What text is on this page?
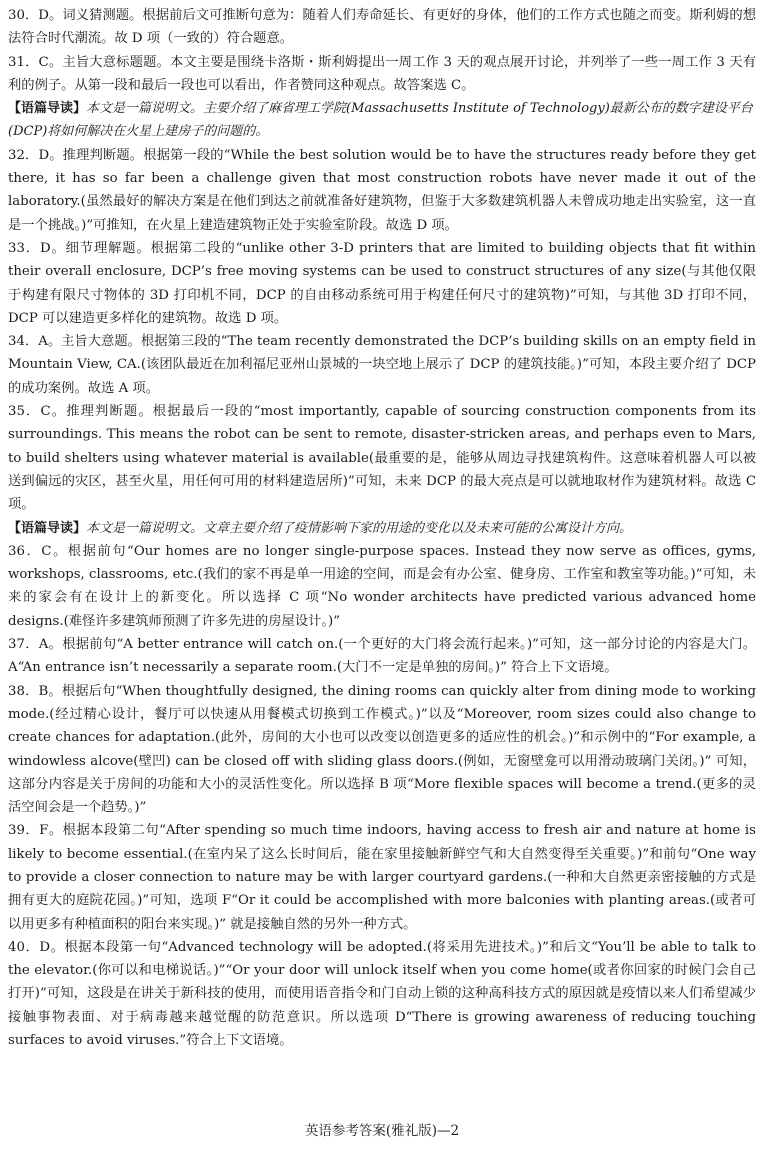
30．D。词义猜测题。根据前后文可推断句意为：随着人们寿命延长、有更好的身体，他们的工作方式也随之而变。斯利姆的想法符合时代潮流。故 D 项（一致的）符合题意。

31．C。主旨大意标题题。本文主要是围绕卡洛斯・斯利姆提出一周工作 3 天的观点展开讨论，并列举了一些一周工作 3 天有利的例子。从第一段和最后一段也可以看出，作者赞同这种观点。故答案选 C。

【语篇导读】本文是一篇说明文。主要介绍了麻省理工学院(Massachusetts Institute of Technology)最新公布的数字建设平台(DCP)将如何解决在火星上建房子的问题的。

32．D。推理判断题。根据第一段的“While the best solution would be to have the structures ready before they get there, it has so far been a challenge given that most construction robots have never made it out of the laboratory.(虽然最好的解决方案是在他们到达之前就准备好建筑物，但鉴于大多数建筑机器人未曾成功地走出实验室，这一直是一个挑战。)”可推知，在火星上建造建筑物正处于实验室阶段。故选 D 项。

33．D。细节理解题。根据第二段的“unlike other 3-D printers that are limited to building objects that fit within their overall enclosure, DCP’s free moving systems can be used to construct structures of any size(与其他仅限于构建有限尺寸物体的 3D 打印机不同，DCP 的自由移动系统可用于构建任何尺寸的建筑物)”可知，与其他 3D 打印不同，DCP 可以建造更多样化的建筑物。故选 D 项。

34．A。主旨大意题。根据第三段的“The team recently demonstrated the DCP’s building skills on an empty field in Mountain View, CA.(该团队最近在加利福尼亚州山景城的一块空地上展示了 DCP 的建筑技能。)”可知，本段主要介绍了 DCP 的成功案例。故选 A 项。

35．C。推理判断题。根据最后一段的“most importantly, capable of sourcing construction components from its surroundings. This means the robot can be sent to remote, disaster-stricken areas, and perhaps even to Mars, to build shelters using whatever material is available(最重要的是，能够从周边寻找建筑构件。这意味着机器人可以被送到偏远的灾区，甚至火星，用任何可用的材料建造居所)”可知，未来 DCP 的最大亮点是可以就地取材作为建筑材料。故选 C 项。

【语篇导读】本文是一篇说明文。文章主要介绍了疫情影响下家的用途的变化以及未来可能的公寓设计方向。

36．C。根据前句“Our homes are no longer single-purpose spaces. Instead they now serve as offices, gyms, workshops, classrooms, etc.(我们的家不再是单一用途的空间，而是会有办公室、健身房、工作室和教室等功能。)”可知，未来的家会有在设计上的新变化。所以选择 C 项“No wonder architects have predicted various advanced home designs.(难怪许多建筑师预测了许多先进的房屋设计。)”

37．A。根据前句“A better entrance will catch on.(一个更好的大门将会流行起来。)”可知，这一部分讨论的内容是大门。A“An entrance isn’t necessarily a separate room.(大门不一定是单独的房间。)” 符合上下文语境。

38．B。根据后句“When thoughtfully designed, the dining rooms can quickly alter from dining mode to working mode.(经过精心设计，餐厅可以快速从用餐模式切换到工作模式。)”以及“Moreover, room sizes could also change to create chances for adaptation.(此外，房间的大小也可以改变以创造更多的适应性的机会。)”和示例中的“For example, a windowless alcove(壁凹) can be closed off with sliding glass doors.(例如，无窗壁龛可以用滑动玻璃门关闭。)” 可知，这部分内容是关于房间的功能和大小的灵活性变化。所以选择 B 项“More flexible spaces will become a trend.(更多的灵活空间会是一个趋势。)”

39．F。根据本段第二句“After spending so much time indoors, having access to fresh air and nature at home is likely to become essential.(在室内呆了这么长时间后，能在家里接触新鲜空气和大自然变得至关重要。)”和前句“One way to provide a closer connection to nature may be with larger courtyard gardens.(一种和大自然更亲密接触的方式是拥有更大的庭院花园。)”可知，选项 F“Or it could be accomplished with more balconies with planting areas.(或者可以用更多有种植面积的阳台来实现。)” 就是接触自然的另外一种方式。

40．D。根据本段第一句“Advanced technology will be adopted.(将采用先进技术。)”和后文“You’ll be able to talk to the elevator.(你可以和电梯说话。)”“Or your door will unlock itself when you come home(或者你回家的时候门会自己打开)”可知，这段是在讲关于新科技的使用，而使用语音指令和门自动上锁的这种高科技方式的原因就是疫情以来人们希望减少接触事物表面、对于病毒越来越觉醒的防范意识。所以选项 D“There is growing awareness of reducing touching surfaces to avoid viruses.”符合上下文语境。

英语参考答案(雅礼版)—2
